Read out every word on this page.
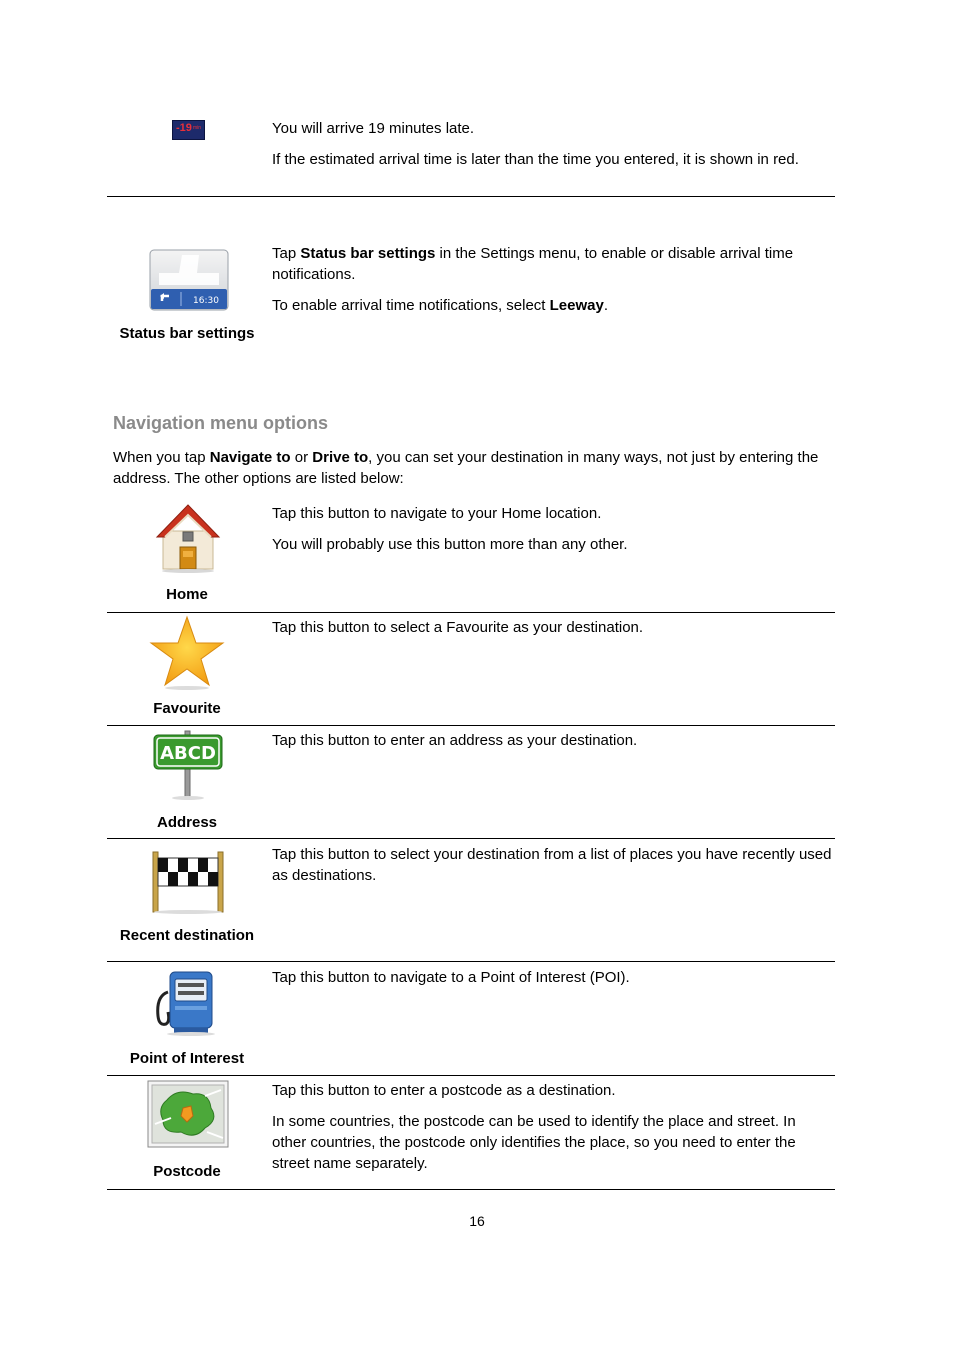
-19 min	You will arrive 19 minutes late.

If the estimated arrival time is later than the time you entered, it is shown in red.

16:30
Status bar settings

Tap Status bar settings in the Settings menu, to enable or disable arrival time notifications.

To enable arrival time notifications, select Leeway.

Navigation menu options
When you tap Navigate to or Drive to, you can set your destination in many ways, not just by entering the address. The other options are listed below:
Home

Tap this button to navigate to your Home location.

You will probably use this button more than any other.

Favourite

Tap this button to select a Favourite as your destination.

ABCD
Address

Tap this button to enter an address as your destination.

Recent destination

Tap this button to select your destination from a list of places you have recently used as destinations.

Point of Interest

Tap this button to navigate to a Point of Interest (POI).

Postcode

Tap this button to enter a postcode as a destination.

In some countries, the postcode can be used to identify the place and street. In other countries, the postcode only identifies the place, so you need to enter the street name separately.

16
